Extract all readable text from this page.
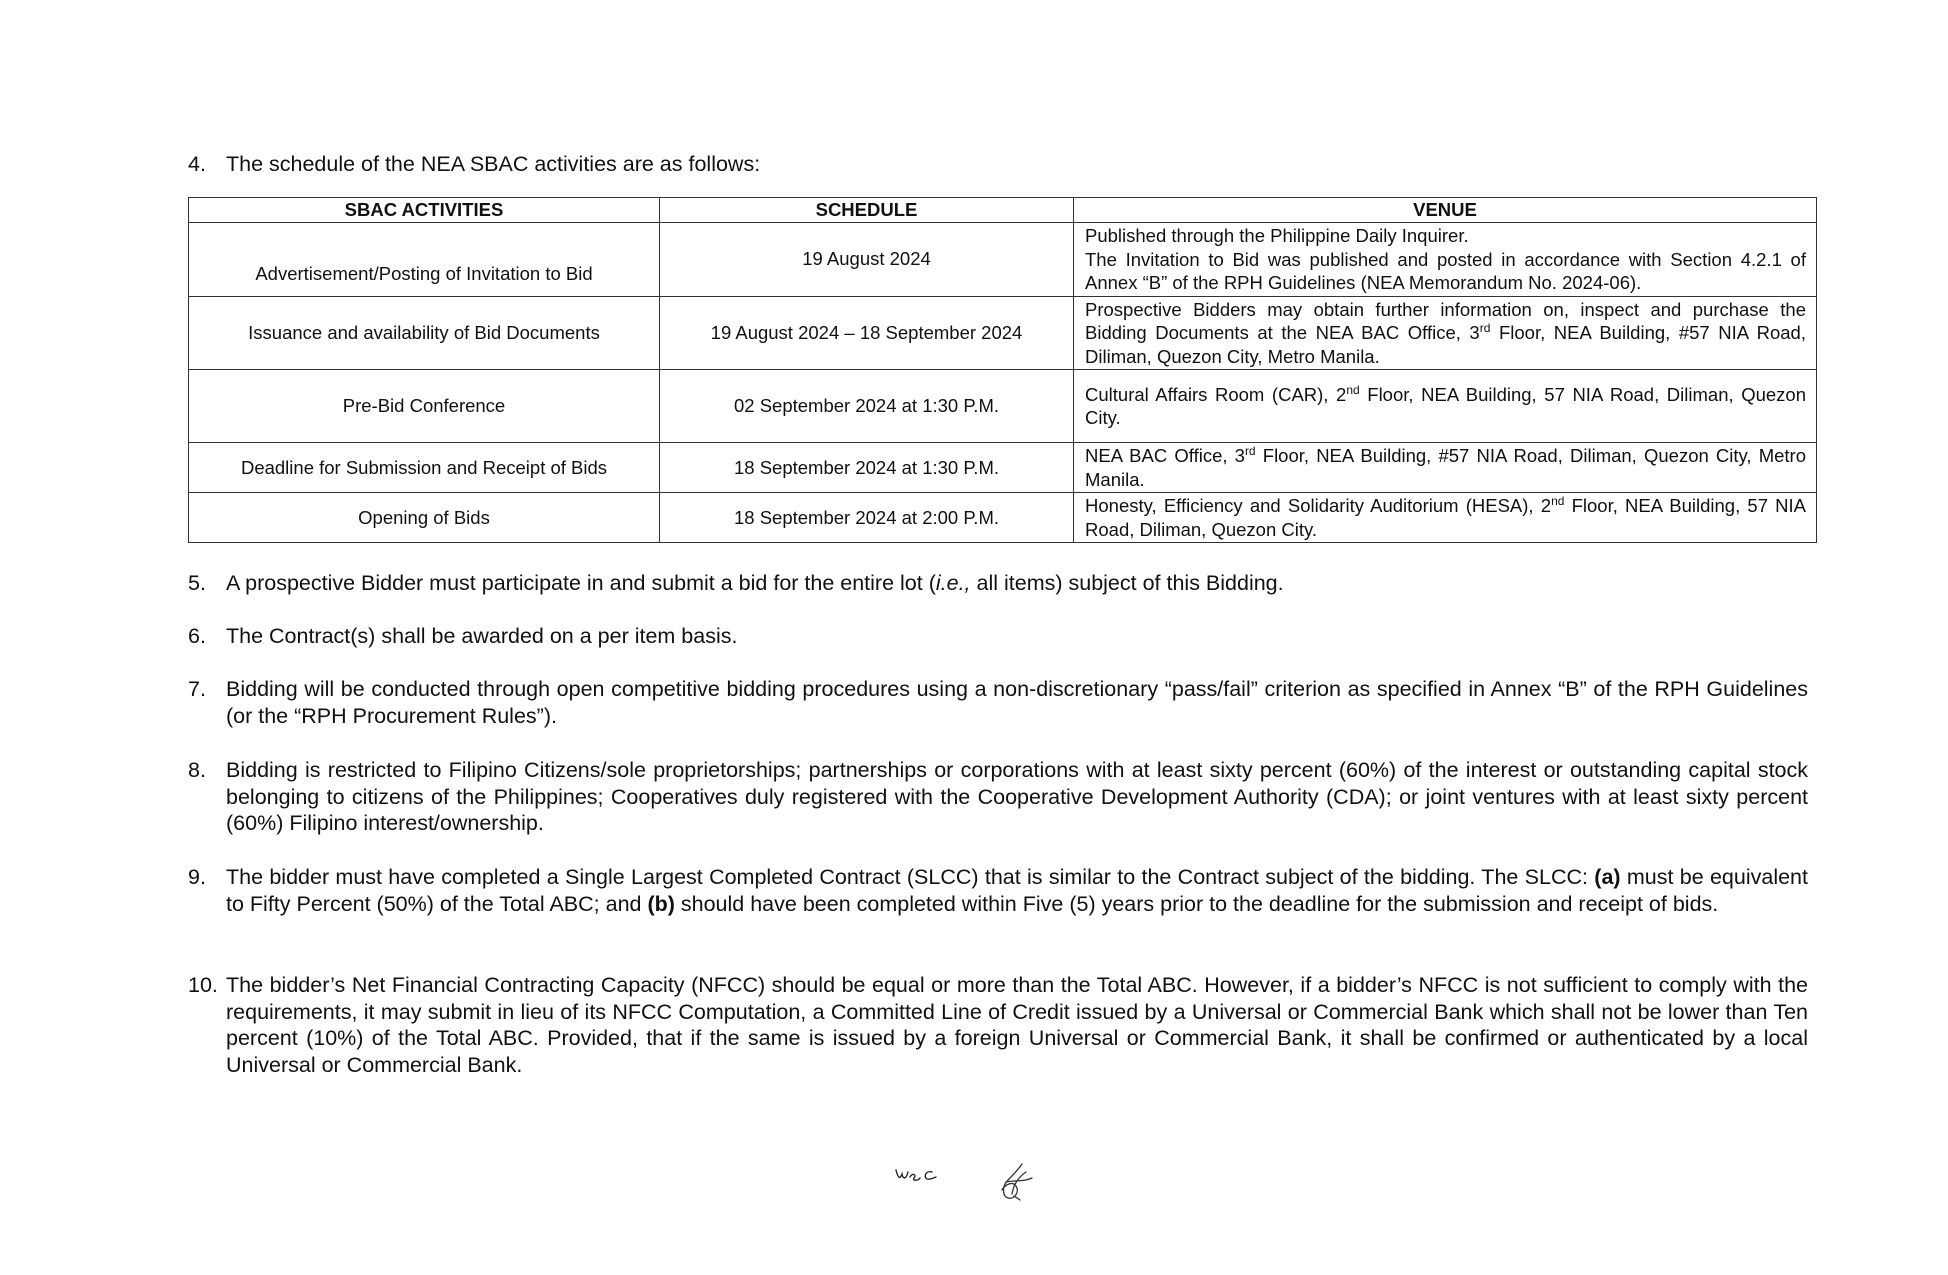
4. The schedule of the NEA SBAC activities are as follows:
SBAC ACTIVITIES	SCHEDULE	VENUE
Advertisement/Posting of Invitation to Bid	19 August 2024	Published through the Philippine Daily Inquirer.
The Invitation to Bid was published and posted in accordance with Section 4.2.1 of Annex “B” of the RPH Guidelines (NEA Memorandum No. 2024-06).

Issuance and availability of Bid Documents	19 August 2024 – 18 September 2024	Prospective Bidders may obtain further information on, inspect and purchase the Bidding Documents at the NEA BAC Office, 3rd Floor, NEA Building, #57 NIA Road, Diliman, Quezon City, Metro Manila.
Pre-Bid Conference	02 September 2024 at 1:30 P.M.	Cultural Affairs Room (CAR), 2nd Floor, NEA Building, 57 NIA Road, Diliman, Quezon City.
Deadline for Submission and Receipt of Bids	18 September 2024 at 1:30 P.M.	NEA BAC Office, 3rd Floor, NEA Building, #57 NIA Road, Diliman, Quezon City, Metro Manila.
Opening of Bids	18 September 2024 at 2:00 P.M.	Honesty, Efficiency and Solidarity Auditorium (HESA), 2nd Floor, NEA Building, 57 NIA Road, Diliman, Quezon City.
5. A prospective Bidder must participate in and submit a bid for the entire lot (i.e., all items) subject of this Bidding.
6. The Contract(s) shall be awarded on a per item basis.
7. Bidding will be conducted through open competitive bidding procedures using a non-discretionary “pass/fail” criterion as specified in Annex “B” of the RPH Guidelines (or the “RPH Procurement Rules”).
8. Bidding is restricted to Filipino Citizens/sole proprietorships; partnerships or corporations with at least sixty percent (60%) of the interest or outstanding capital stock belonging to citizens of the Philippines; Cooperatives duly registered with the Cooperative Development Authority (CDA); or joint ventures with at least sixty percent (60%) Filipino interest/ownership.
9. The bidder must have completed a Single Largest Completed Contract (SLCC) that is similar to the Contract subject of the bidding. The SLCC: (a) must be equivalent to Fifty Percent (50%) of the Total ABC; and (b) should have been completed within Five (5) years prior to the deadline for the submission and receipt of bids.
10. The bidder’s Net Financial Contracting Capacity (NFCC) should be equal or more than the Total ABC. However, if a bidder’s NFCC is not sufficient to comply with the requirements, it may submit in lieu of its NFCC Computation, a Committed Line of Credit issued by a Universal or Commercial Bank which shall not be lower than Ten percent (10%) of the Total ABC. Provided, that if the same is issued by a foreign Universal or Commercial Bank, it shall be confirmed or authenticated by a local Universal or Commercial Bank.
